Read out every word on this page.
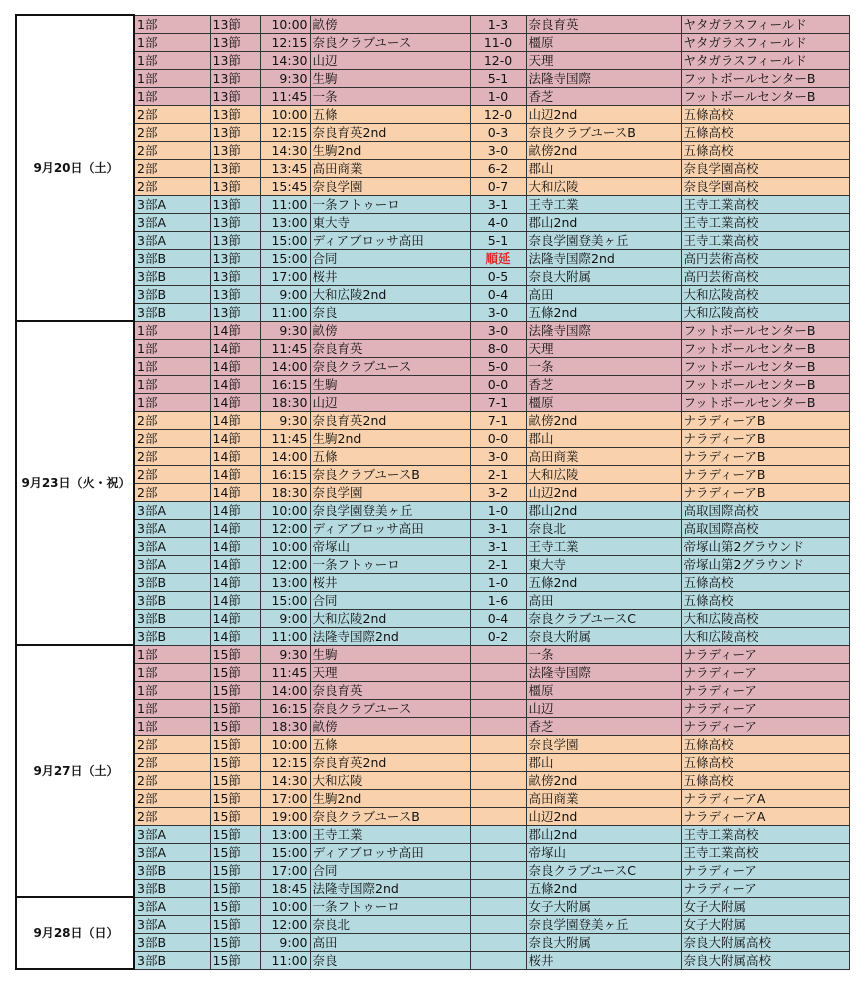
9月20日（土）	1部	13節	10:00	畝傍	1-3	奈良育英	ヤタガラスフィールド
	1部	13節	12:15	奈良クラブユース	11-0	橿原	ヤタガラスフィールド
	1部	13節	14:30	山辺	12-0	天理	ヤタガラスフィールド
	1部	13節	9:30	生駒	5-1	法隆寺国際	フットボールセンターB
	1部	13節	11:45	一条	1-0	香芝	フットボールセンターB
	2部	13節	10:00	五條	12-0	山辺2nd	五條高校
	2部	13節	12:15	奈良育英2nd	0-3	奈良クラブユースB	五條高校
	2部	13節	14:30	生駒2nd	3-0	畝傍2nd	五條高校
	2部	13節	13:45	高田商業	6-2	郡山	奈良学園高校
	2部	13節	15:45	奈良学園	0-7	大和広陵	奈良学園高校
	3部A	13節	11:00	一条フトゥーロ	3-1	王寺工業	王寺工業高校
	3部A	13節	13:00	東大寺	4-0	郡山2nd	王寺工業高校
	3部A	13節	15:00	ディアブロッサ高田	5-1	奈良学園登美ヶ丘	王寺工業高校
	3部B	13節	15:00	合同	順延	法隆寺国際2nd	高円芸術高校
	3部B	13節	17:00	桜井	0-5	奈良大附属	高円芸術高校
	3部B	13節	9:00	大和広陵2nd	0-4	高田	大和広陵高校
	3部B	13節	11:00	奈良	3-0	五條2nd	大和広陵高校
9月23日（火・祝）	1部	14節	9:30	畝傍	3-0	法隆寺国際	フットボールセンターB
	1部	14節	11:45	奈良育英	8-0	天理	フットボールセンターB
	1部	14節	14:00	奈良クラブユース	5-0	一条	フットボールセンターB
	1部	14節	16:15	生駒	0-0	香芝	フットボールセンターB
	1部	14節	18:30	山辺	7-1	橿原	フットボールセンターB
	2部	14節	9:30	奈良育英2nd	7-1	畝傍2nd	ナラディーアB
	2部	14節	11:45	生駒2nd	0-0	郡山	ナラディーアB
	2部	14節	14:00	五條	3-0	高田商業	ナラディーアB
	2部	14節	16:15	奈良クラブユースB	2-1	大和広陵	ナラディーアB
	2部	14節	18:30	奈良学園	3-2	山辺2nd	ナラディーアB
	3部A	14節	10:00	奈良学園登美ヶ丘	1-0	郡山2nd	高取国際高校
	3部A	14節	12:00	ディアブロッサ高田	3-1	奈良北	高取国際高校
	3部A	14節	10:00	帝塚山	3-1	王寺工業	帝塚山第2グラウンド
	3部A	14節	12:00	一条フトゥーロ	2-1	東大寺	帝塚山第2グラウンド
	3部B	14節	13:00	桜井	1-0	五條2nd	五條高校
	3部B	14節	15:00	合同	1-6	高田	五條高校
	3部B	14節	9:00	大和広陵2nd	0-4	奈良クラブユースC	大和広陵高校
	3部B	14節	11:00	法隆寺国際2nd	0-2	奈良大附属	大和広陵高校
9月27日（土）	1部	15節	9:30	生駒		一条	ナラディーア
	1部	15節	11:45	天理		法隆寺国際	ナラディーア
	1部	15節	14:00	奈良育英		橿原	ナラディーア
	1部	15節	16:15	奈良クラブユース		山辺	ナラディーア
	1部	15節	18:30	畝傍		香芝	ナラディーア
	2部	15節	10:00	五條		奈良学園	五條高校
	2部	15節	12:15	奈良育英2nd		郡山	五條高校
	2部	15節	14:30	大和広陵		畝傍2nd	五條高校
	2部	15節	17:00	生駒2nd		高田商業	ナラディーアA
	2部	15節	19:00	奈良クラブユースB		山辺2nd	ナラディーアA
	3部A	15節	13:00	王寺工業		郡山2nd	王寺工業高校
	3部A	15節	15:00	ディアブロッサ高田		帝塚山	王寺工業高校
	3部B	15節	17:00	合同		奈良クラブユースC	ナラディーア
	3部B	15節	18:45	法隆寺国際2nd		五條2nd	ナラディーア
9月28日（日）	3部A	15節	10:00	一条フトゥーロ		女子大附属	女子大附属
	3部A	15節	12:00	奈良北		奈良学園登美ヶ丘	女子大附属
	3部B	15節	9:00	高田		奈良大附属	奈良大附属高校
	3部B	15節	11:00	奈良		桜井	奈良大附属高校
